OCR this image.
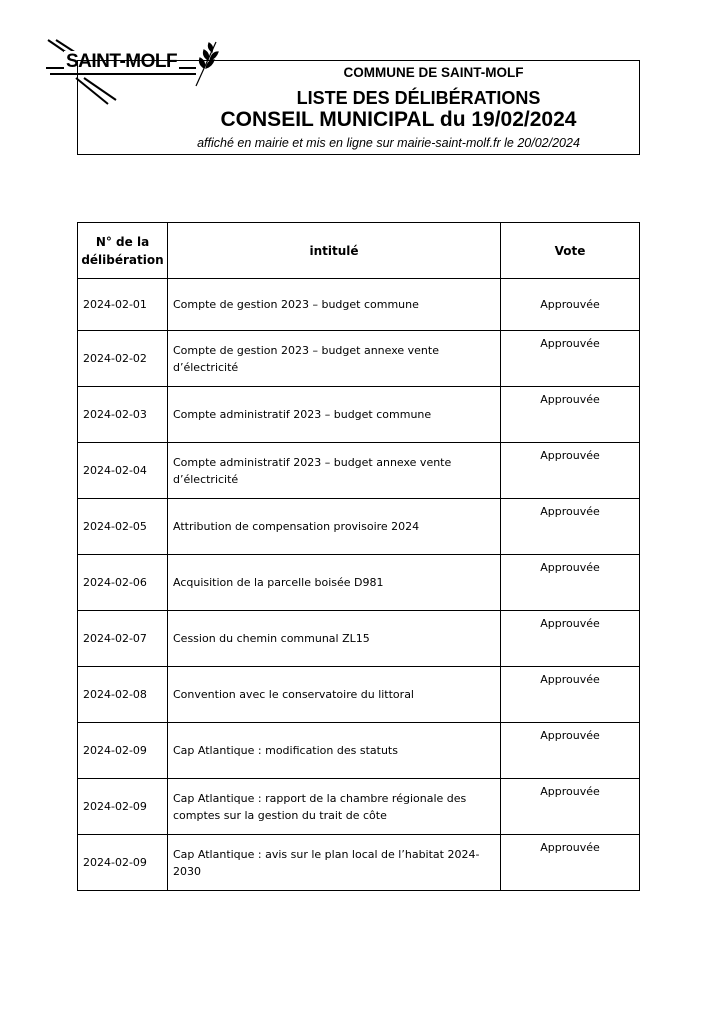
SAINT-MOLF
COMMUNE DE SAINT-MOLF
LISTE DES DÉLIBÉRATIONS
CONSEIL MUNICIPAL du 19/02/2024
affiché en mairie et mis en ligne sur mairie-saint-molf.fr le 20/02/2024
N° de la
délibération	intitulé	Vote
2024-02-01	Compte de gestion 2023 – budget commune	Approuvée
2024-02-02	Compte de gestion 2023 – budget annexe vente d’électricité	Approuvée
2024-02-03	Compte administratif 2023 – budget commune	Approuvée
2024-02-04	Compte administratif 2023 – budget annexe vente d’électricité	Approuvée
2024-02-05	Attribution de compensation provisoire 2024	Approuvée
2024-02-06	Acquisition de la parcelle boisée D981	Approuvée
2024-02-07	Cession du chemin communal ZL15	Approuvée
2024-02-08	Convention avec le conservatoire du littoral	Approuvée
2024-02-09	Cap Atlantique : modification des statuts	Approuvée
2024-02-09	Cap Atlantique : rapport de la chambre régionale des comptes sur la gestion du trait de côte	Approuvée
2024-02-09	Cap Atlantique : avis sur le plan local de l’habitat 2024-2030	Approuvée
